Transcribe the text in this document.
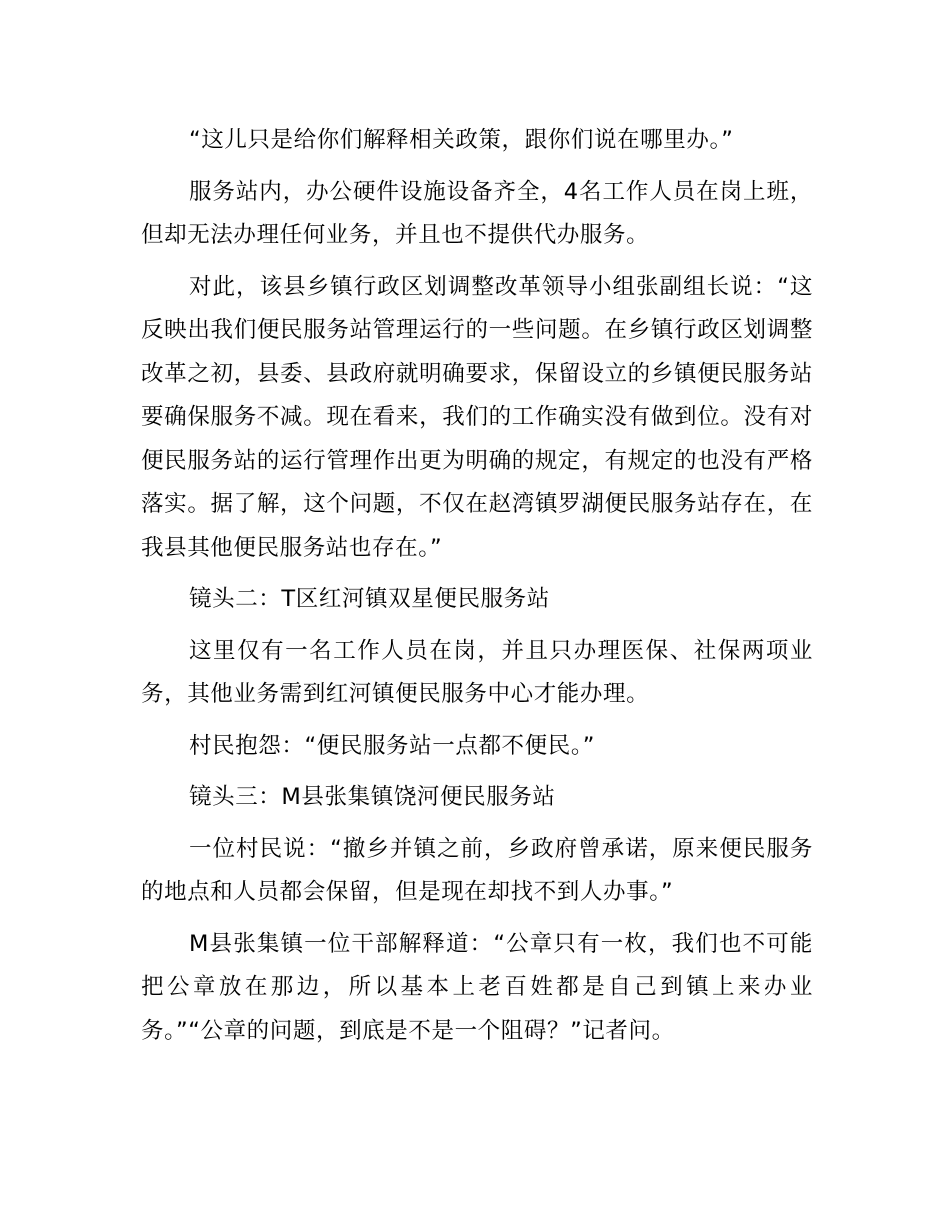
“这儿只是给你们解释相关政策，跟你们说在哪里办。”

服务站内，办公硬件设施设备齐全，4名工作人员在岗上班，但却无法办理任何业务，并且也不提供代办服务。

对此，该县乡镇行政区划调整改革领导小组张副组长说：“这反映出我们便民服务站管理运行的一些问题。在乡镇行政区划调整改革之初，县委、县政府就明确要求，保留设立的乡镇便民服务站要确保服务不减。现在看来，我们的工作确实没有做到位。没有对便民服务站的运行管理作出更为明确的规定，有规定的也没有严格落实。据了解，这个问题，不仅在赵湾镇罗湖便民服务站存在，在我县其他便民服务站也存在。”

镜头二：T区红河镇双星便民服务站

这里仅有一名工作人员在岗，并且只办理医保、社保两项业务，其他业务需到红河镇便民服务中心才能办理。

村民抱怨：“便民服务站一点都不便民。”

镜头三：M县张集镇饶河便民服务站

一位村民说：“撤乡并镇之前，乡政府曾承诺，原来便民服务的地点和人员都会保留，但是现在却找不到人办事。”

M县张集镇一位干部解释道：“公章只有一枚，我们也不可能把公章放在那边，所以基本上老百姓都是自己到镇上来办业务。”“公章的问题，到底是不是一个阻碍？”记者问。
